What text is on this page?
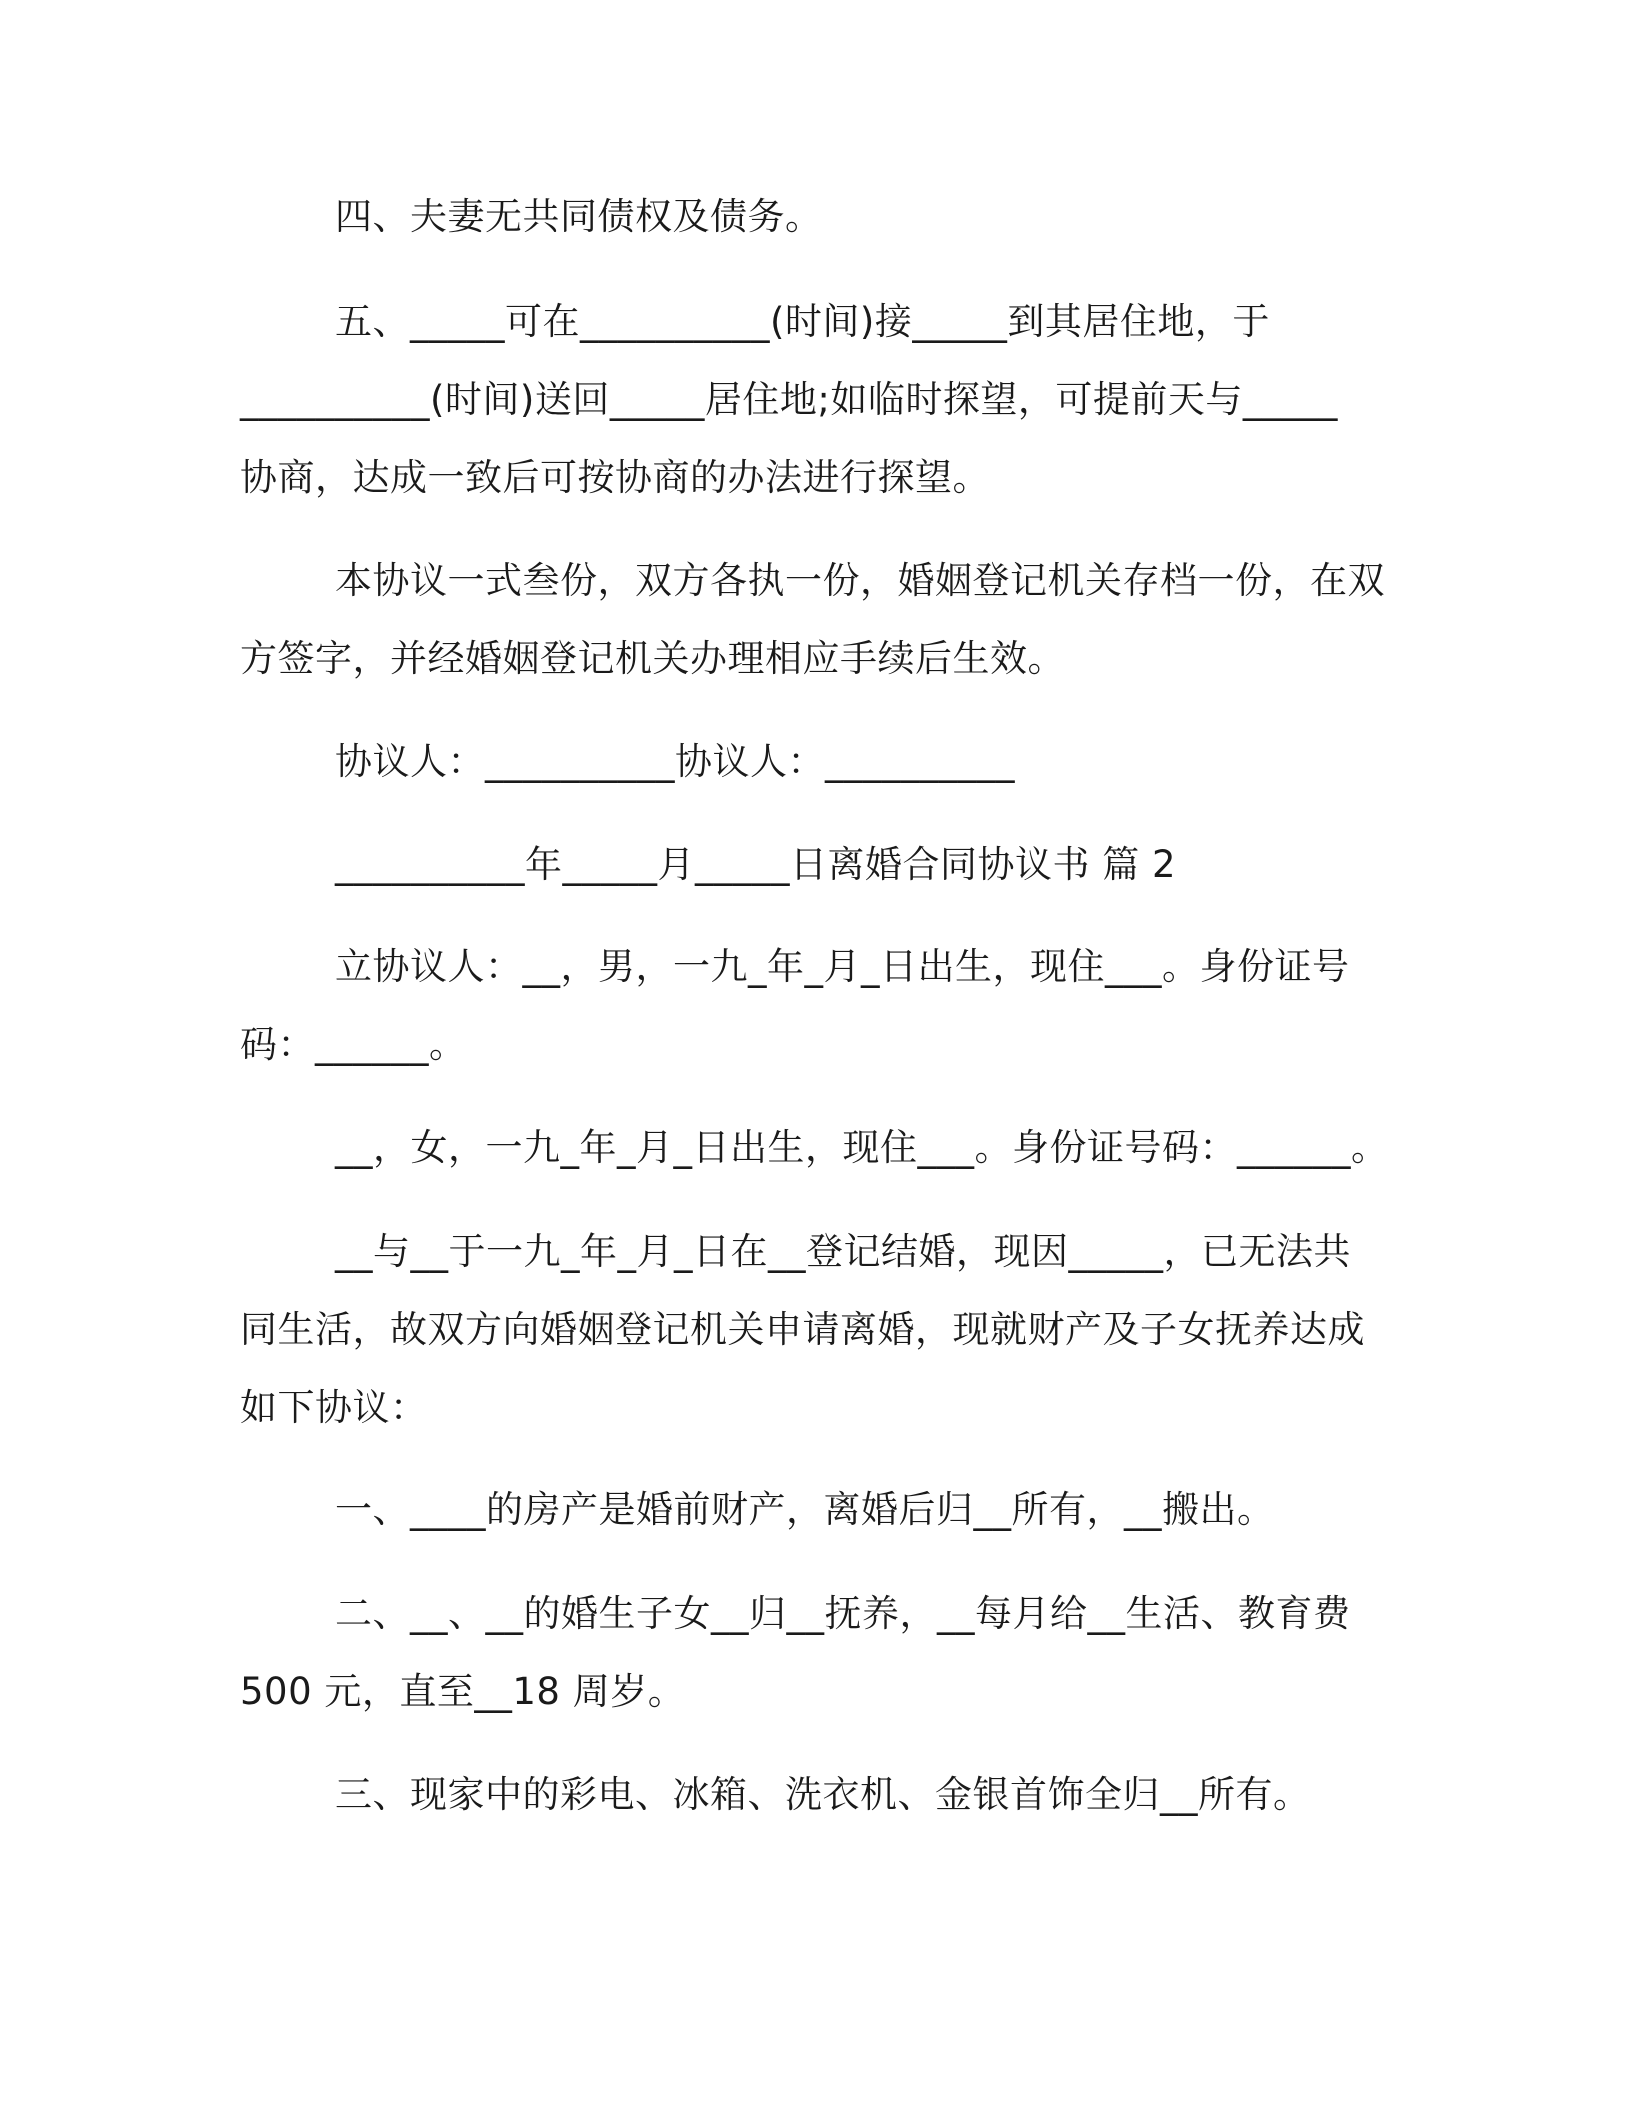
四、夫妻无共同债权及债务。
五、_____可在__________(时间)接_____到其居住地，于
__________(时间)送回_____居住地;如临时探望，可提前天与_____
协商，达成一致后可按协商的办法进行探望。
本协议一式叁份，双方各执一份，婚姻登记机关存档一份，在双
方签字，并经婚姻登记机关办理相应手续后生效。
协议人：__________协议人：__________
__________年_____月_____日离婚合同协议书 篇 2
立协议人：__，男，一九_年_月_日出生，现住___。身份证号
码：______。
__，女，一九_年_月_日出生，现住___。身份证号码：______。
__与__于一九_年_月_日在__登记结婚，现因_____，已无法共
同生活，故双方向婚姻登记机关申请离婚，现就财产及子女抚养达成
如下协议：
一、____的房产是婚前财产，离婚后归__所有，__搬出。
二、__、__的婚生子女__归__抚养，__每月给__生活、教育费
500 元，直至__18 周岁。
三、现家中的彩电、冰箱、洗衣机、金银首饰全归__所有。
